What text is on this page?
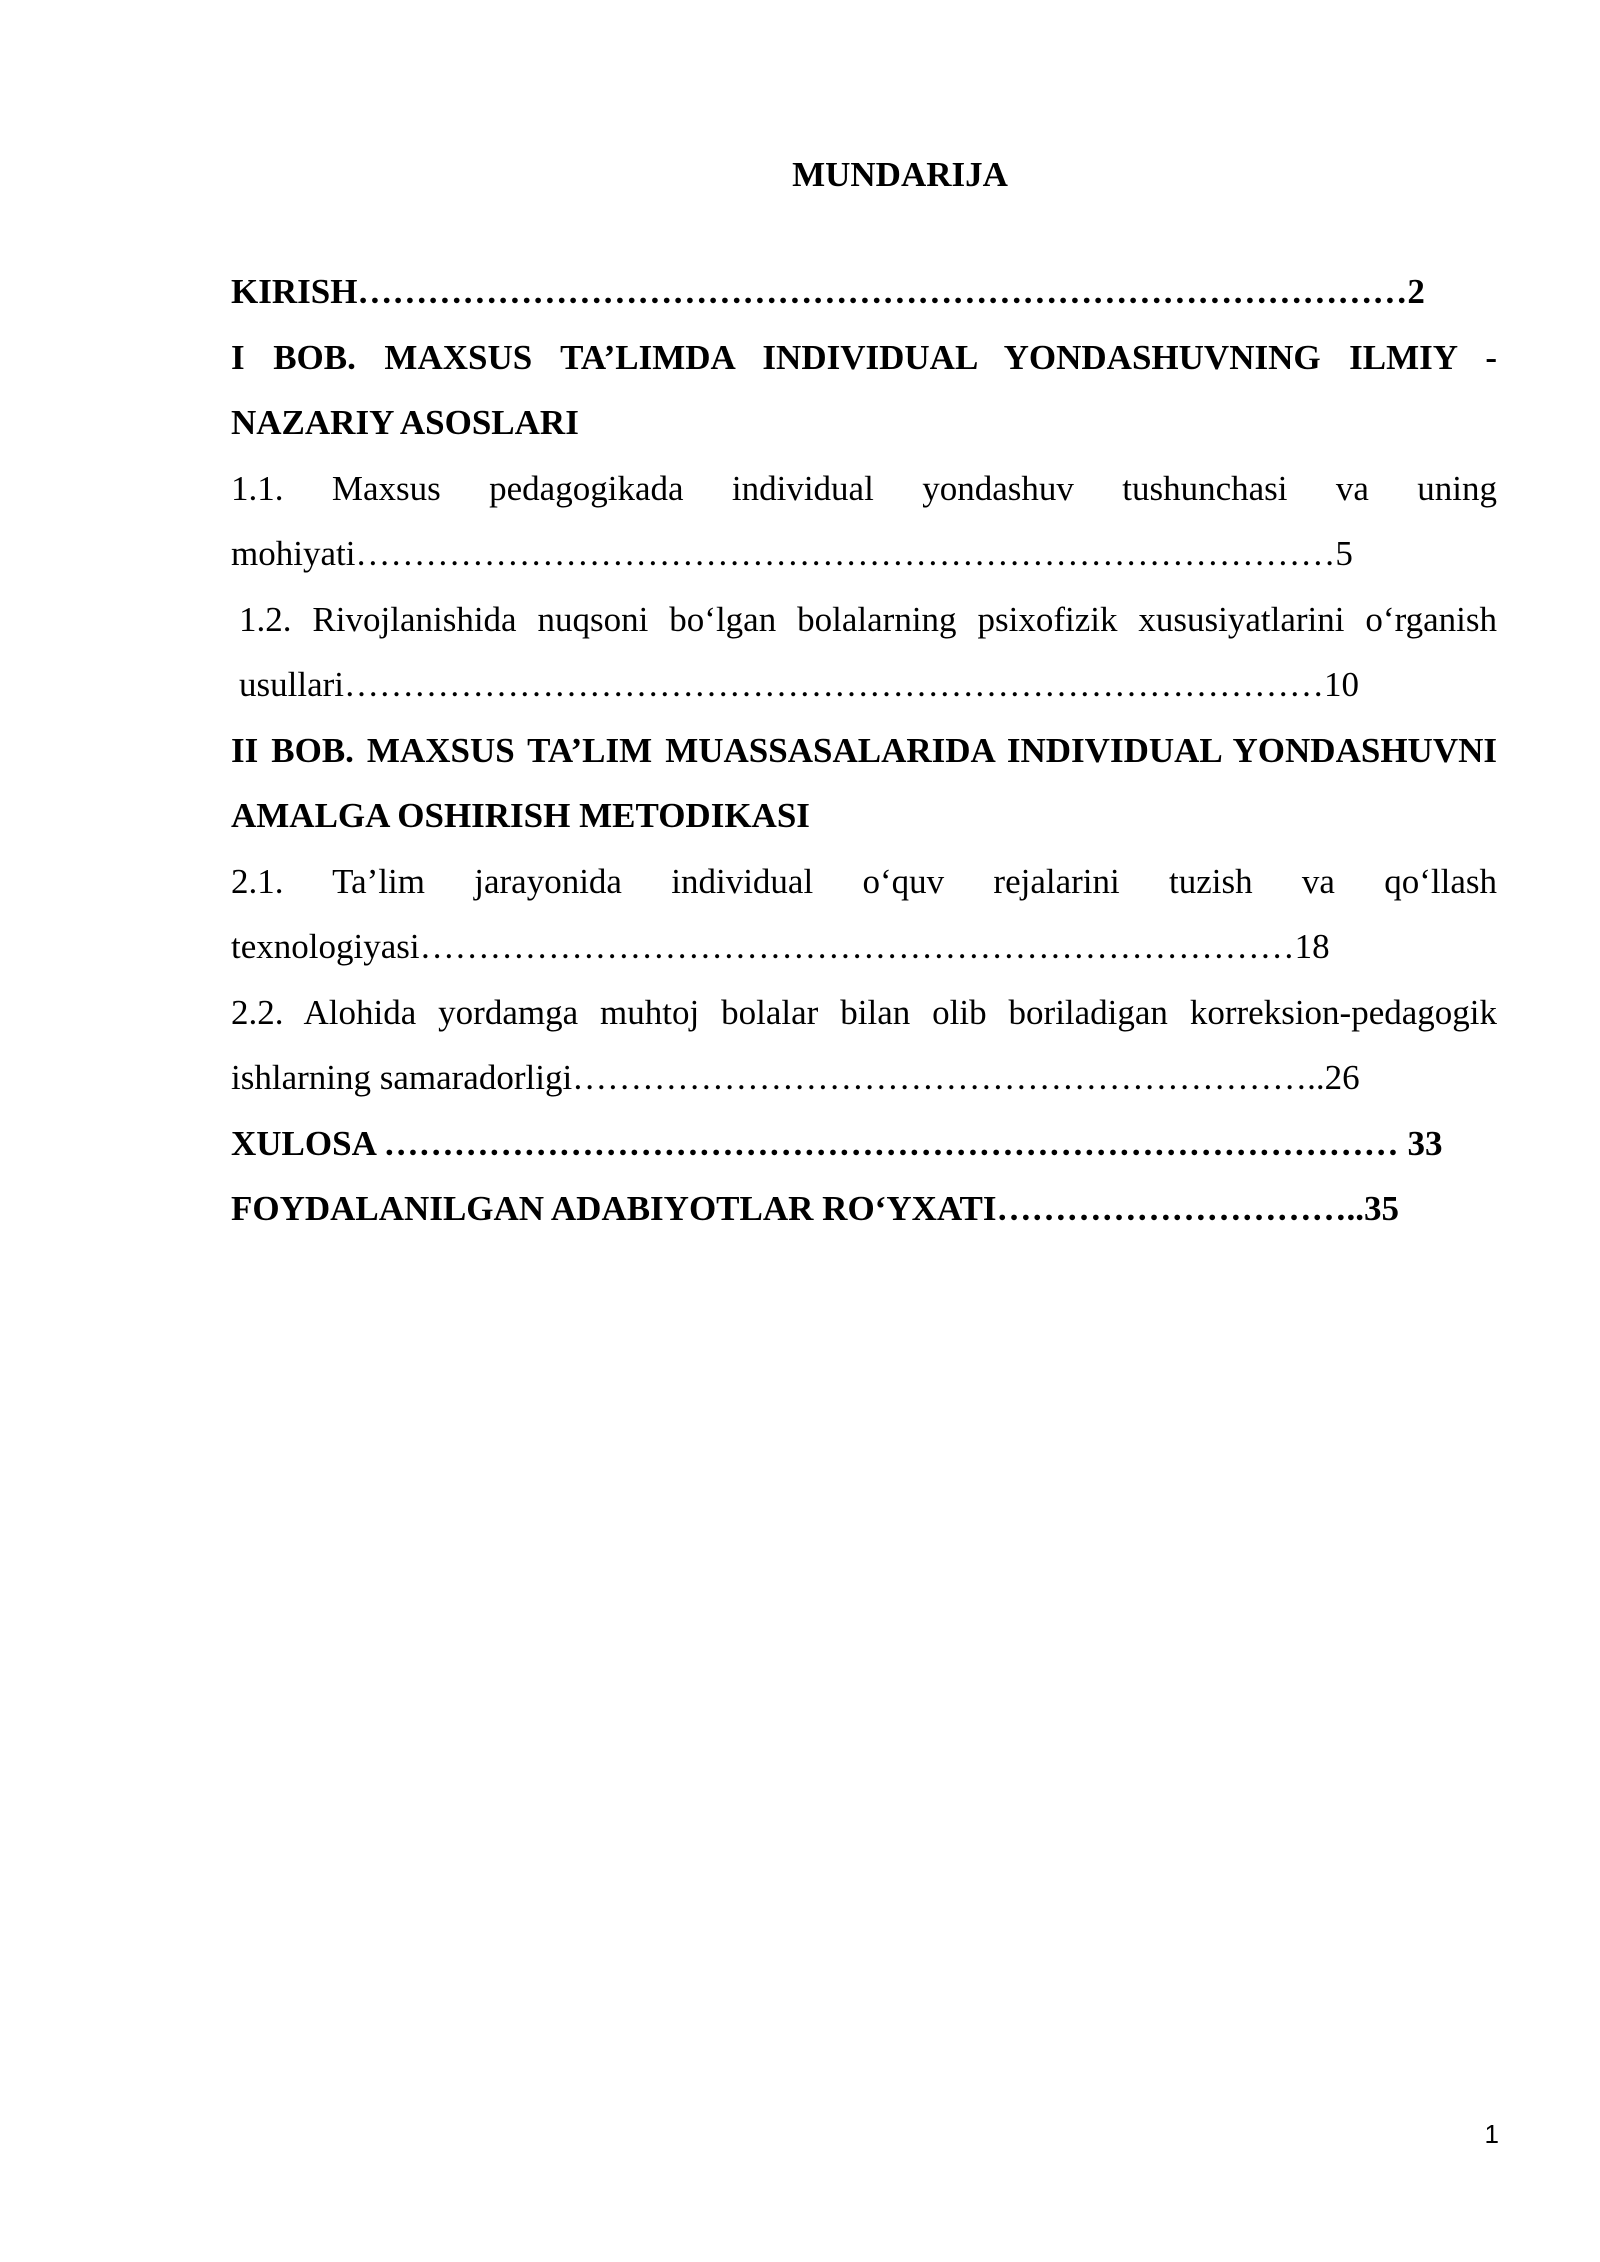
MUNDARIJA

KIRISH………………………………………………………………………………2

I BOB. MAXSUS TA’LIMDA INDIVIDUAL YONDASHUVNING ILMIY - NAZARIY ASOSLARI

1.1. Maxsus pedagogikada individual yondashuv tushunchasi va uning mohiyati…………………………………………………………………………5

1.2. Rivojlanishida nuqsoni bo‘lgan bolalarning psixofizik xususiyatlarini o‘rganish usullari…………………………………………………………………………10

II BOB. MAXSUS TA’LIM MUASSASALARIDA INDIVIDUAL YONDASHUVNI AMALGA OSHIRISH METODIKASI

2.1. Ta’lim jarayonida individual o‘quv rejalarini tuzish va qo‘llash texnologiyasi…………………………………………………………………18

2.2. Alohida yordamga muhtoj bolalar bilan olib boriladigan korreksion-pedagogik ishlarning samaradorligi………………………………………………………..26

XULOSA …………………………………………………………………………… 33

FOYDALANILGAN ADABIYOTLAR RO‘YXATI…………………………..35

1
